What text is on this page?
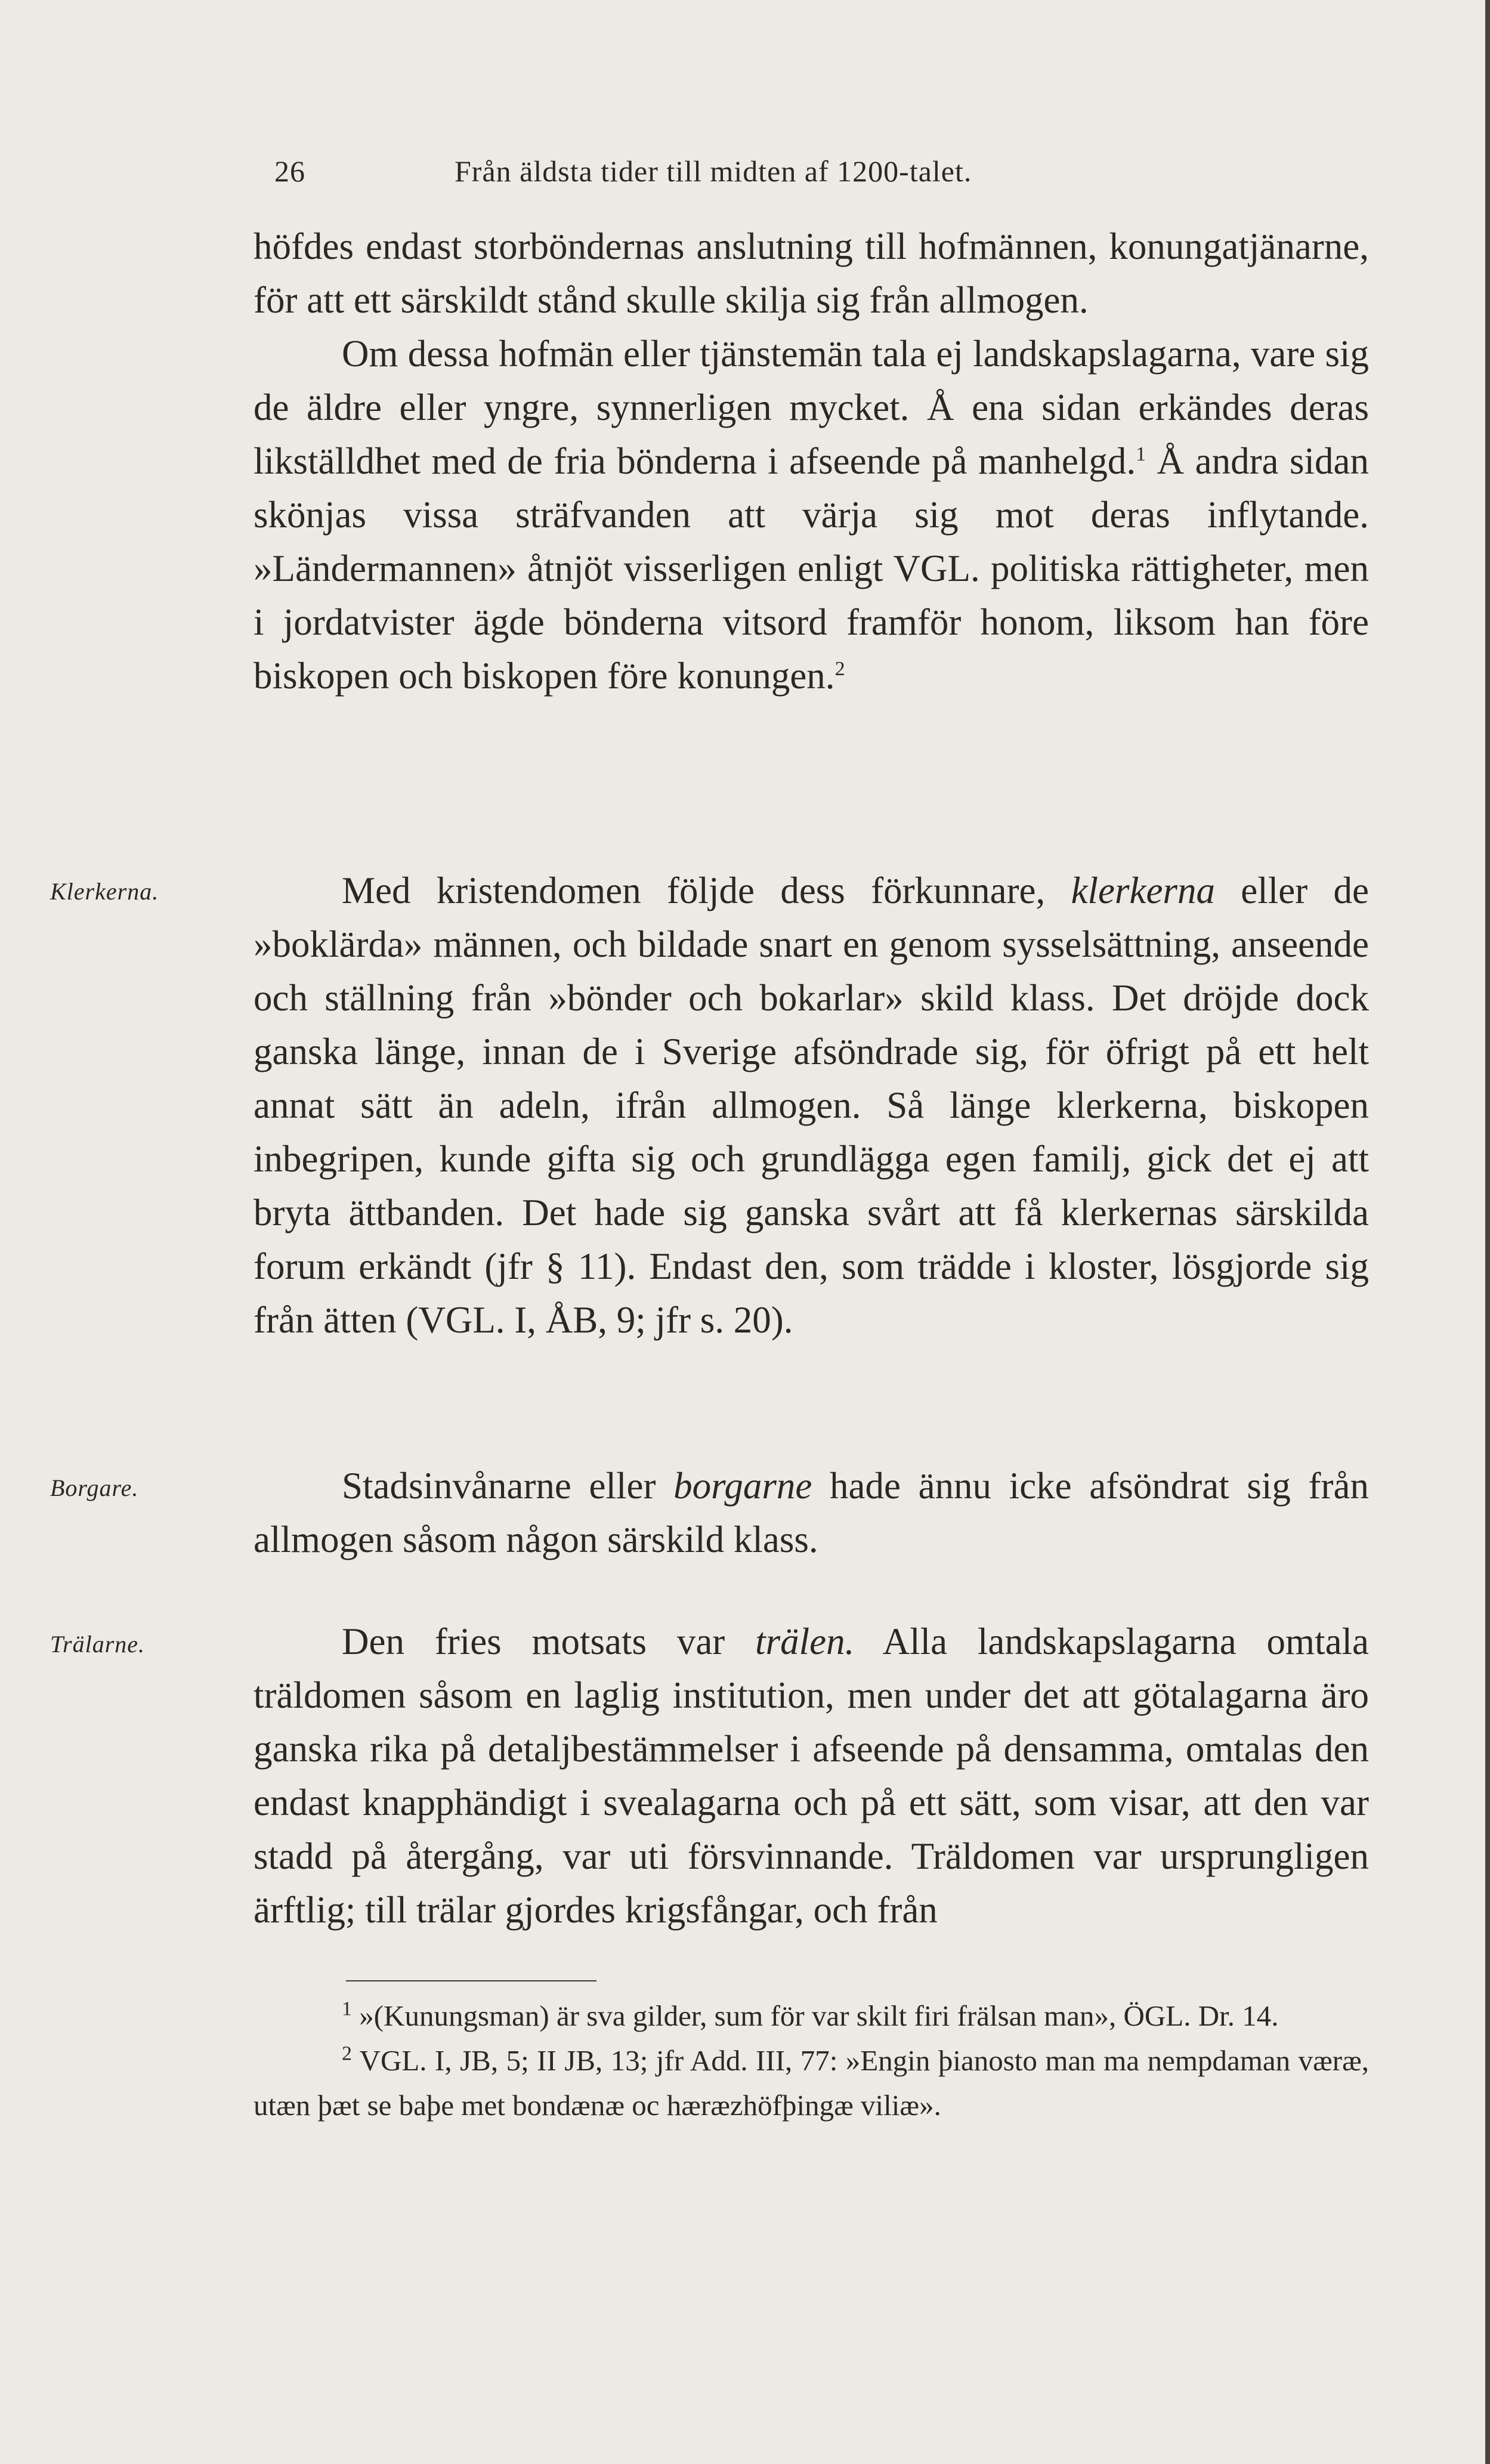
26	Från äldsta tider till midten af 1200-talet.

höfdes endast storböndernas anslutning till hofmännen, konungatjänarne, för att ett särskildt stånd skulle skilja sig från allmogen.

Om dessa hofmän eller tjänstemän tala ej landskapslagarna, vare sig de äldre eller yngre, synnerligen mycket. Å ena sidan erkändes deras likställdhet med de fria bönderna i afseende på manhelgd.$^1$ Å andra sidan skönjas vissa sträfvanden att värja sig mot deras inflytande. »Ländermannen» åtnjöt visserligen enligt VGL. politiska rättigheter, men i jordatvister ägde bönderna vitsord framför honom, liksom han före biskopen och biskopen före konungen.$^2$

Klerkerna.	Med kristendomen följde dess förkunnare, klerkerna eller de »boklärda» männen, och bildade snart en genom sysselsättning, anseende och ställning från »bönder och bokarlar» skild klass. Det dröjde dock ganska länge, innan de i Sverige afsöndrade sig, för öfrigt på ett helt annat sätt än adeln, ifrån allmogen. Så länge klerkerna, biskopen inbegripen, kunde gifta sig och grundlägga egen familj, gick det ej att bryta ättbanden. Det hade sig ganska svårt att få klerkernas särskilda forum erkändt (jfr § 11). Endast den, som trädde i kloster, lösgjorde sig från ätten (VGL. I, ÅB, 9; jfr s. 20).

Borgare.	Stadsinvånarne eller borgarne hade ännu icke afsöndrat sig från allmogen såsom någon särskild klass.

Trälarne.	Den fries motsats var trälen. Alla landskapslagarna omtala träldomen såsom en laglig institution, men under det att götalagarna äro ganska rika på detaljbestämmelser i afseende på densamma, omtalas den endast knapphändigt i svealagarna och på ett sätt, som visar, att den var stadd på återgång, var uti försvinnande. Träldomen var ursprungligen ärftlig; till trälar gjordes krigsfångar, och från

$^1$ »(Kunungsman) är sva gilder, sum för var skilt firi frälsan man», ÖGL. Dr. 14.

$^2$ VGL. I, JB, 5; II JB, 13; jfr Add. III, 77: »Engin þianosto man ma nempdaman væræ, utæn þæt se baþe met bondænæ oc hæræzhöfþingæ viliæ».
